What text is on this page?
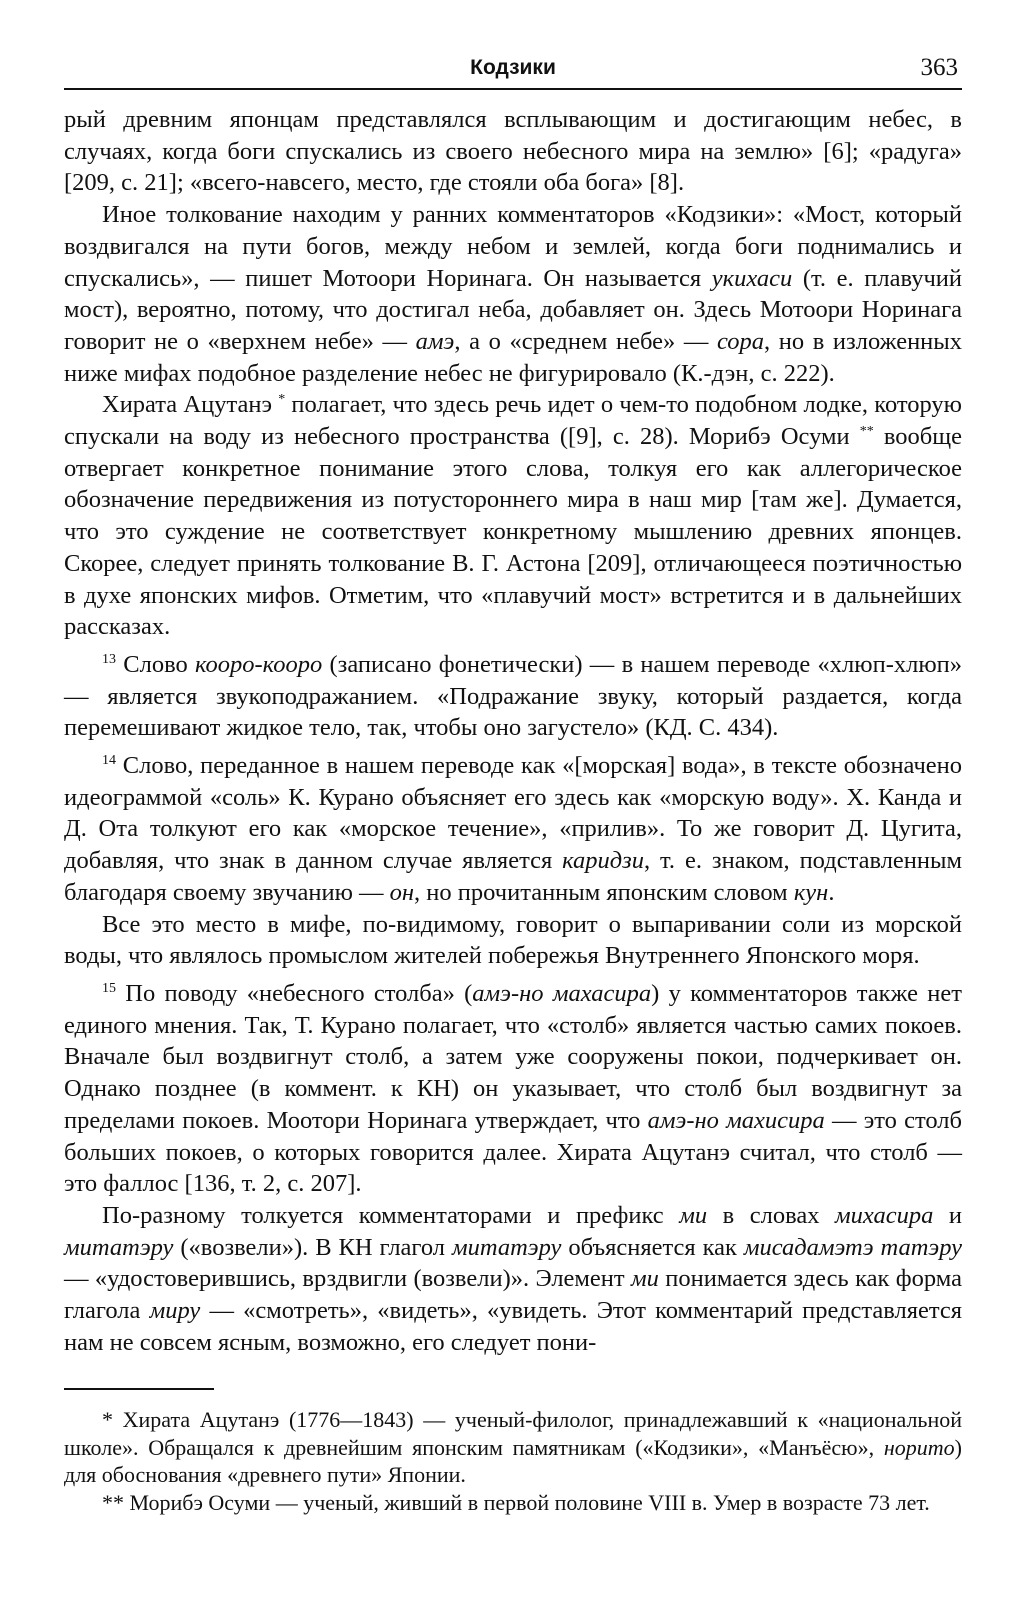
Кодзики	363

рый древним японцам представлялся всплывающим и достигающим небес, в случаях, когда боги спускались из своего небесного мира на землю» [6]; «радуга» [209, с. 21]; «всего-навсего, место, где стояли оба бога» [8].

Иное толкование находим у ранних комментаторов «Кодзики»: «Мост, который воздвигался на пути богов, между небом и землей, когда боги поднимались и спускались», — пишет Мотоори Норинага. Он называется укихаси (т. е. плавучий мост), вероятно, потому, что достигал неба, добавляет он. Здесь Мотоори Норинага говорит не о «верхнем небе» — амэ, а о «среднем небе» — сора, но в изложенных ниже мифах подобное разделение небес не фигурировало (К.-дэн, с. 222).

Хирата Ацутанэ * полагает, что здесь речь идет о чем-то подобном лодке, которую спускали на воду из небесного пространства ([9], с. 28). Морибэ Осуми ** вообще отвергает конкретное понимание этого слова, толкуя его как аллегорическое обозначение передвижения из потустороннего мира в наш мир [там же]. Думается, что это суждение не соответствует конкретному мышлению древних японцев. Скорее, следует принять толкование В. Г. Астона [209], отличающееся поэтичностью в духе японских мифов. Отметим, что «плавучий мост» встретится и в дальнейших рассказах.

$^{13}$ Слово кооро-кооро (записано фонетически) — в нашем переводе «хлюп-хлюп» — является звукоподражанием. «Подражание звуку, который раздается, когда перемешивают жидкое тело, так, чтобы оно загустело» (КД. С. 434).

$^{14}$ Слово, переданное в нашем переводе как «[морская] вода», в тексте обозначено идеограммой «соль» К. Курано объясняет его здесь как «морскую воду». Х. Канда и Д. Ота толкуют его как «морское течение», «прилив». То же говорит Д. Цугита, добавляя, что знак в данном случае является каридзи, т. е. знаком, подставленным благодаря своему звучанию — он, но прочитанным японским словом кун.

Все это место в мифе, по-видимому, говорит о выпаривании соли из морской воды, что являлось промыслом жителей побережья Внутреннего Японского моря.

$^{15}$ По поводу «небесного столба» (амэ-но махасира) у комментаторов также нет единого мнения. Так, Т. Курано полагает, что «столб» является частью самих покоев. Вначале был воздвигнут столб, а затем уже сооружены покои, подчеркивает он. Однако позднее (в коммент. к КН) он указывает, что столб был воздвигнут за пределами покоев. Моотори Норинага утверждает, что амэ-но махисира — это столб больших покоев, о которых говорится далее. Хирата Ацутанэ считал, что столб — это фаллос [136, т. 2, с. 207].

По-разному толкуется комментаторами и префикс ми в словах михасира и митатэру («возвели»). В КН глагол митатэру объясняется как мисадамэтэ татэру — «удостоверившись, врздвигли (возвели)». Элемент ми понимается здесь как форма глагола миру — «смотреть», «видеть», «увидеть. Этот комментарий представляется нам не совсем ясным, возможно, его следует пони-

* Хирата Ацутанэ (1776—1843) — ученый-филолог, принадлежавший к «национальной школе». Обращался к древнейшим японским памятникам («Кодзики», «Манъёсю», норито) для обоснования «древнего пути» Японии.

** Морибэ Осуми — ученый, живший в первой половине VIII в. Умер в возрасте 73 лет.
